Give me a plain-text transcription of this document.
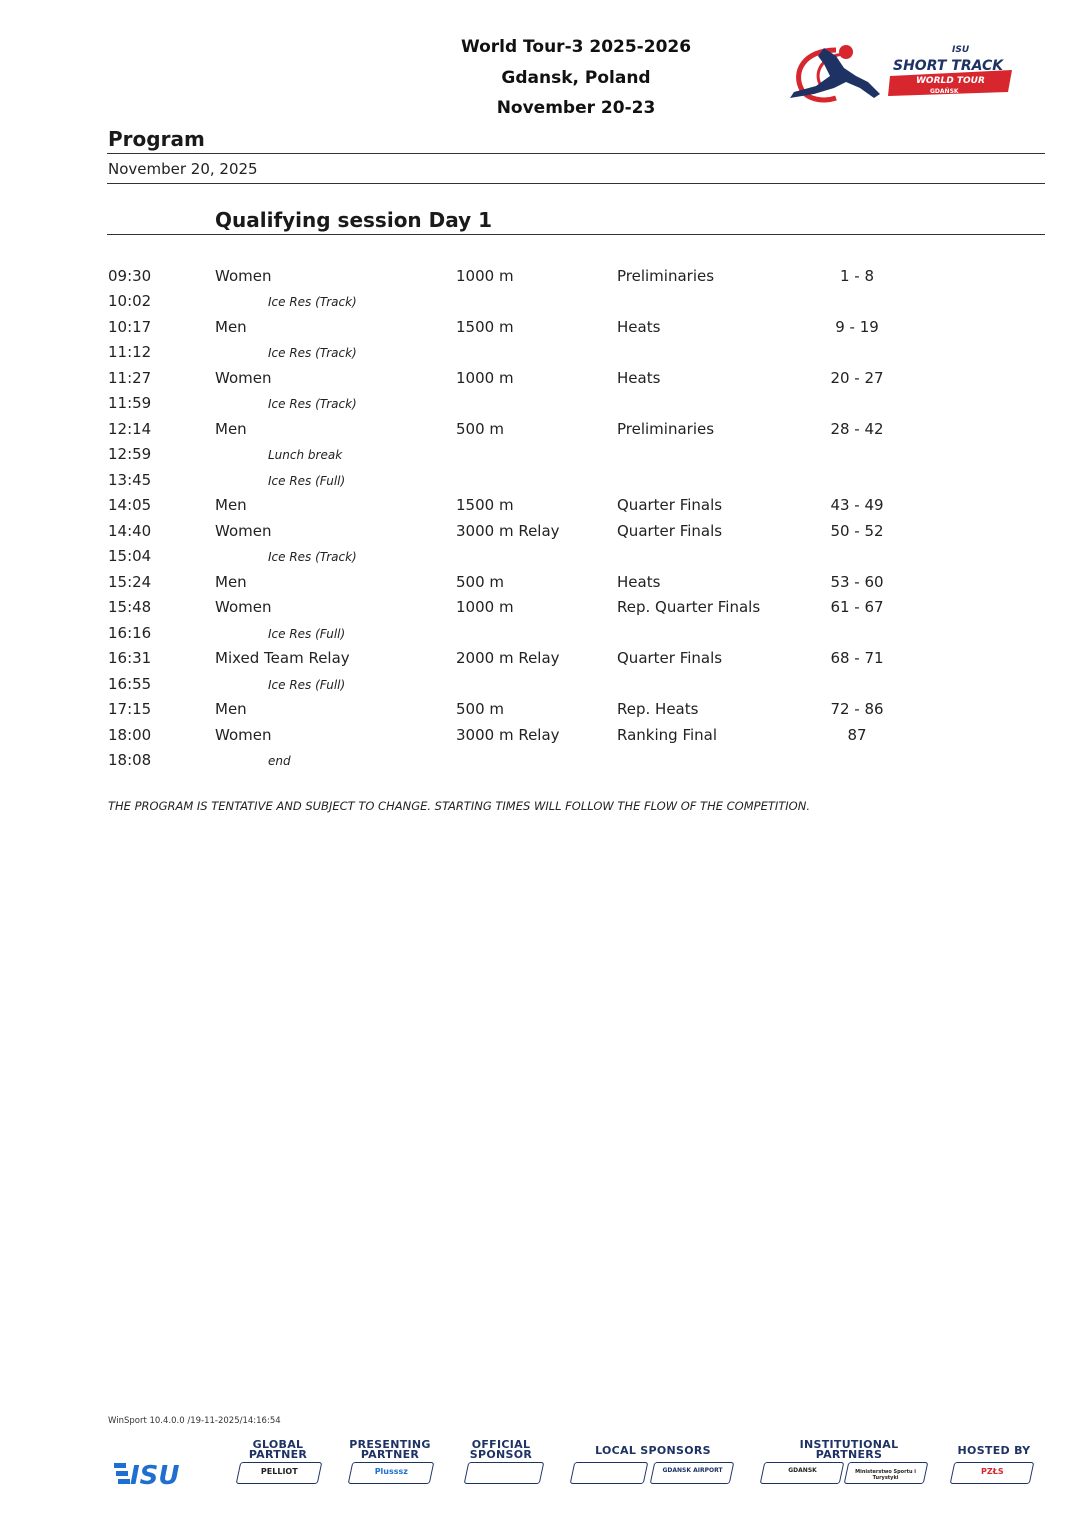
World Tour-3 2025-2026
Gdansk, Poland
November 20-23
ISU
SHORT TRACK
WORLD TOUR
GDAŃSK
Program
November 20, 2025
Qualifying session Day 1
09:30	Women	1000 m	Preliminaries	1 - 8
10:02	Ice Res (Track)
10:17	Men	1500 m	Heats	9 - 19
11:12	Ice Res (Track)
11:27	Women	1000 m	Heats	20 - 27
11:59	Ice Res (Track)
12:14	Men	500 m	Preliminaries	28 - 42
12:59	Lunch break
13:45	Ice Res (Full)
14:05	Men	1500 m	Quarter Finals	43 - 49
14:40	Women	3000 m Relay	Quarter Finals	50 - 52
15:04	Ice Res (Track)
15:24	Men	500 m	Heats	53 - 60
15:48	Women	1000 m	Rep. Quarter Finals	61 - 67
16:16	Ice Res (Full)
16:31	Mixed Team Relay	2000 m Relay	Quarter Finals	68 - 71
16:55	Ice Res (Full)
17:15	Men	500 m	Rep. Heats	72 - 86
18:00	Women	3000 m Relay	Ranking Final	87
18:08	end
THE PROGRAM IS TENTATIVE AND SUBJECT TO CHANGE. STARTING TIMES WILL FOLLOW THE FLOW OF THE COMPETITION.
WinSport 10.4.0.0 /19-11-2025/14:16:54
ISU
GLOBAL
PARTNER
PELLIOT
PRESENTING
PARTNER
Plusssz
OFFICIAL
SPONSOR	LOCAL SPONSORS
GDANSK AIRPORT
INSTITUTIONAL
PARTNERS
GDANSK	Ministerstwo Sportu i Turystyki
HOSTED BY
PZŁS
